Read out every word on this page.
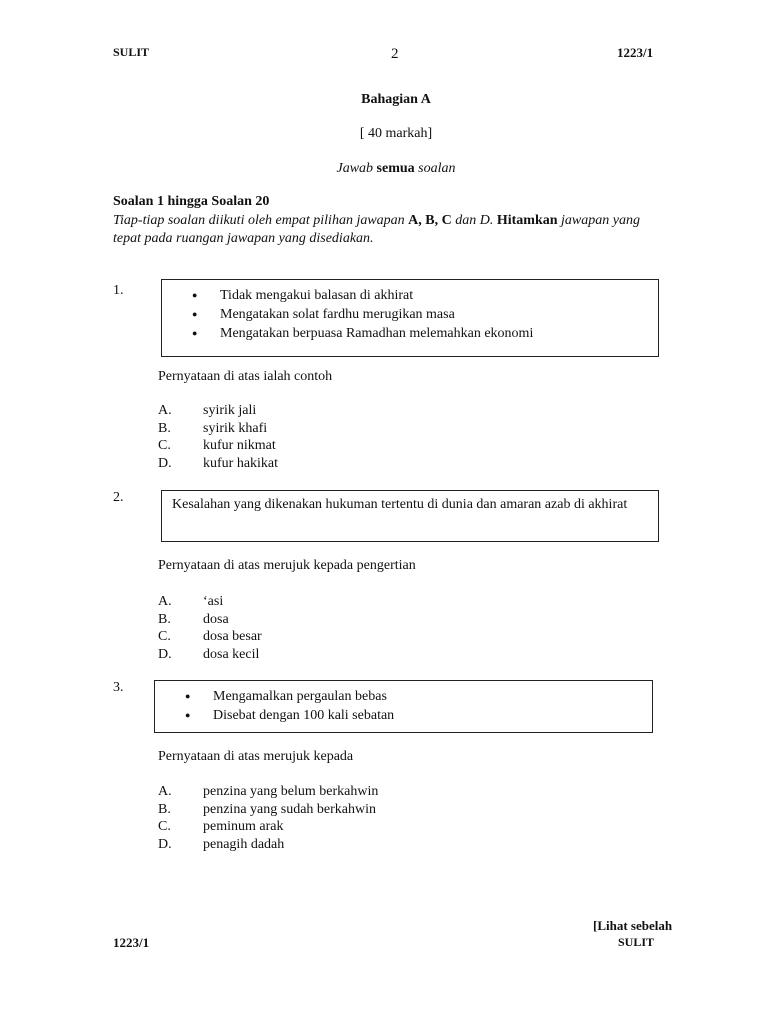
SULIT	2	1223/1
Bahagian A
[ 40 markah]
Jawab semua soalan
Soalan 1 hingga Soalan 20
Tiap-tiap soalan diikuti oleh empat pilihan jawapan A, B, C dan D. Hitamkan jawapan yang
tepat pada ruangan jawapan yang disediakan.
1.
●	Tidak mengakui balasan di akhirat
● Mengatakan solat fardhu merugikan masa
● Mengatakan berpuasa Ramadhan melemahkan ekonomi
Pernyataan di atas ialah contoh
A. syirik jali
B. syirik khafi
C. kufur nikmat
D. kufur hakikat
2.	Kesalahan yang dikenakan hukuman tertentu di dunia dan amaran azab di akhirat
Pernyataan di atas merujuk kepada pengertian
A. ‘asi
B. dosa
C. dosa besar
D. dosa kecil
3.
● Mengamalkan pergaulan bebas
● Disebat dengan 100 kali sebatan
Pernyataan di atas merujuk kepada
A. penzina yang belum berkahwin
B. penzina yang sudah berkahwin
C. peminum arak
D. penagih dadah
[Lihat sebelah
1223/1	SULIT
